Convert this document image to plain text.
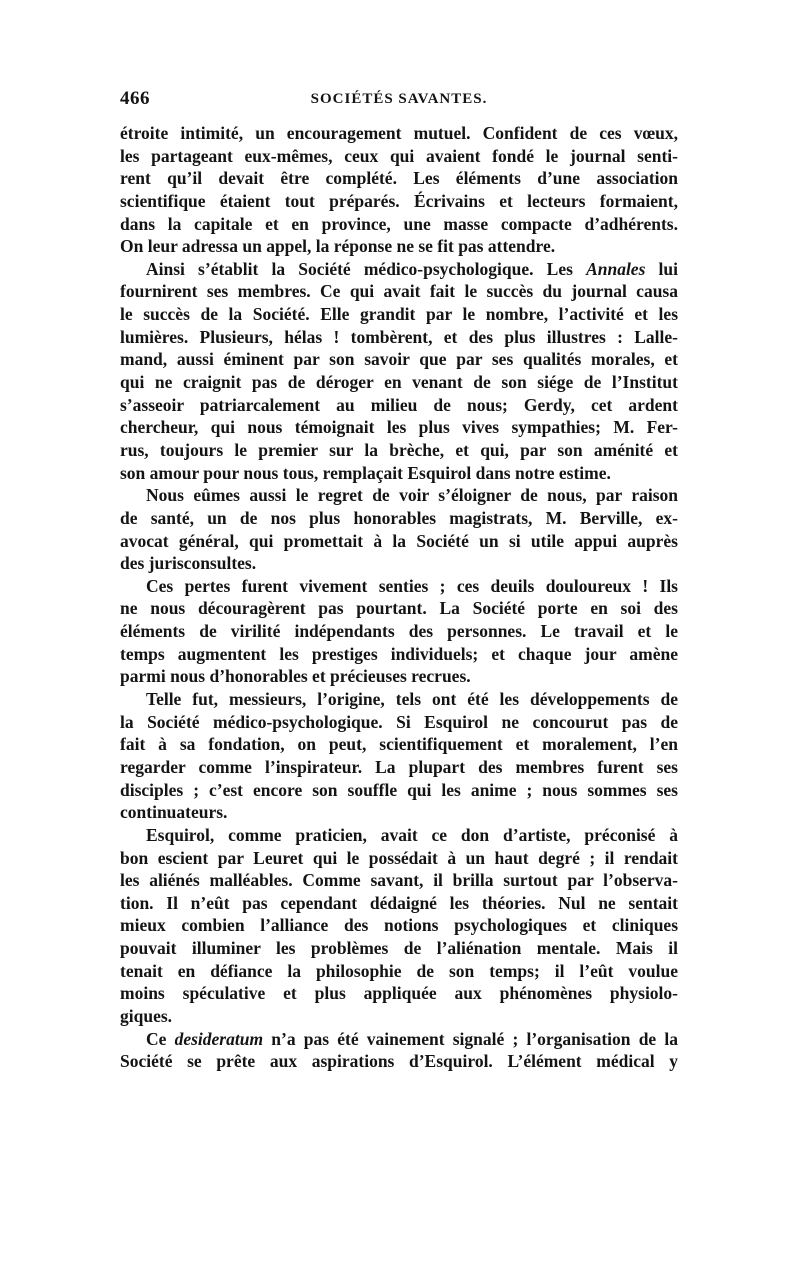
466	SOCIÉTÉS SAVANTES.
étroite intimité, un encouragement mutuel. Confident de ces vœux,
les partageant eux-mêmes, ceux qui avaient fondé le journal senti-
rent qu’il devait être complété. Les éléments d’une association
scientifique étaient tout préparés. Écrivains et lecteurs formaient,
dans la capitale et en province, une masse compacte d’adhérents.
On leur adressa un appel, la réponse ne se fit pas attendre.
Ainsi s’établit la Société médico-psychologique. Les Annales lui
fournirent ses membres. Ce qui avait fait le succès du journal causa
le succès de la Société. Elle grandit par le nombre, l’activité et les
lumières. Plusieurs, hélas ! tombèrent, et des plus illustres : Lalle-
mand, aussi éminent par son savoir que par ses qualités morales, et
qui ne craignit pas de déroger en venant de son siége de l’Institut
s’asseoir patriarcalement au milieu de nous; Gerdy, cet ardent
chercheur, qui nous témoignait les plus vives sympathies; M. Fer-
rus, toujours le premier sur la brèche, et qui, par son aménité et
son amour pour nous tous, remplaçait Esquirol dans notre estime.
Nous eûmes aussi le regret de voir s’éloigner de nous, par raison
de santé, un de nos plus honorables magistrats, M. Berville, ex-
avocat général, qui promettait à la Société un si utile appui auprès
des jurisconsultes.
Ces pertes furent vivement senties ; ces deuils douloureux ! Ils
ne nous découragèrent pas pourtant. La Société porte en soi des
éléments de virilité indépendants des personnes. Le travail et le
temps augmentent les prestiges individuels; et chaque jour amène
parmi nous d’honorables et précieuses recrues.
Telle fut, messieurs, l’origine, tels ont été les développements de
la Société médico-psychologique. Si Esquirol ne concourut pas de
fait à sa fondation, on peut, scientifiquement et moralement, l’en
regarder comme l’inspirateur. La plupart des membres furent ses
disciples ; c’est encore son souffle qui les anime ; nous sommes ses
continuateurs.
Esquirol, comme praticien, avait ce don d’artiste, préconisé à
bon escient par Leuret qui le possédait à un haut degré ; il rendait
les aliénés malléables. Comme savant, il brilla surtout par l’observa-
tion. Il n’eût pas cependant dédaigné les théories. Nul ne sentait
mieux combien l’alliance des notions psychologiques et cliniques
pouvait illuminer les problèmes de l’aliénation mentale. Mais il
tenait en défiance la philosophie de son temps; il l’eût voulue
moins spéculative et plus appliquée aux phénomènes physiolo-
giques.
Ce desideratum n’a pas été vainement signalé ; l’organisation de la
Société se prête aux aspirations d’Esquirol. L’élément médical y
